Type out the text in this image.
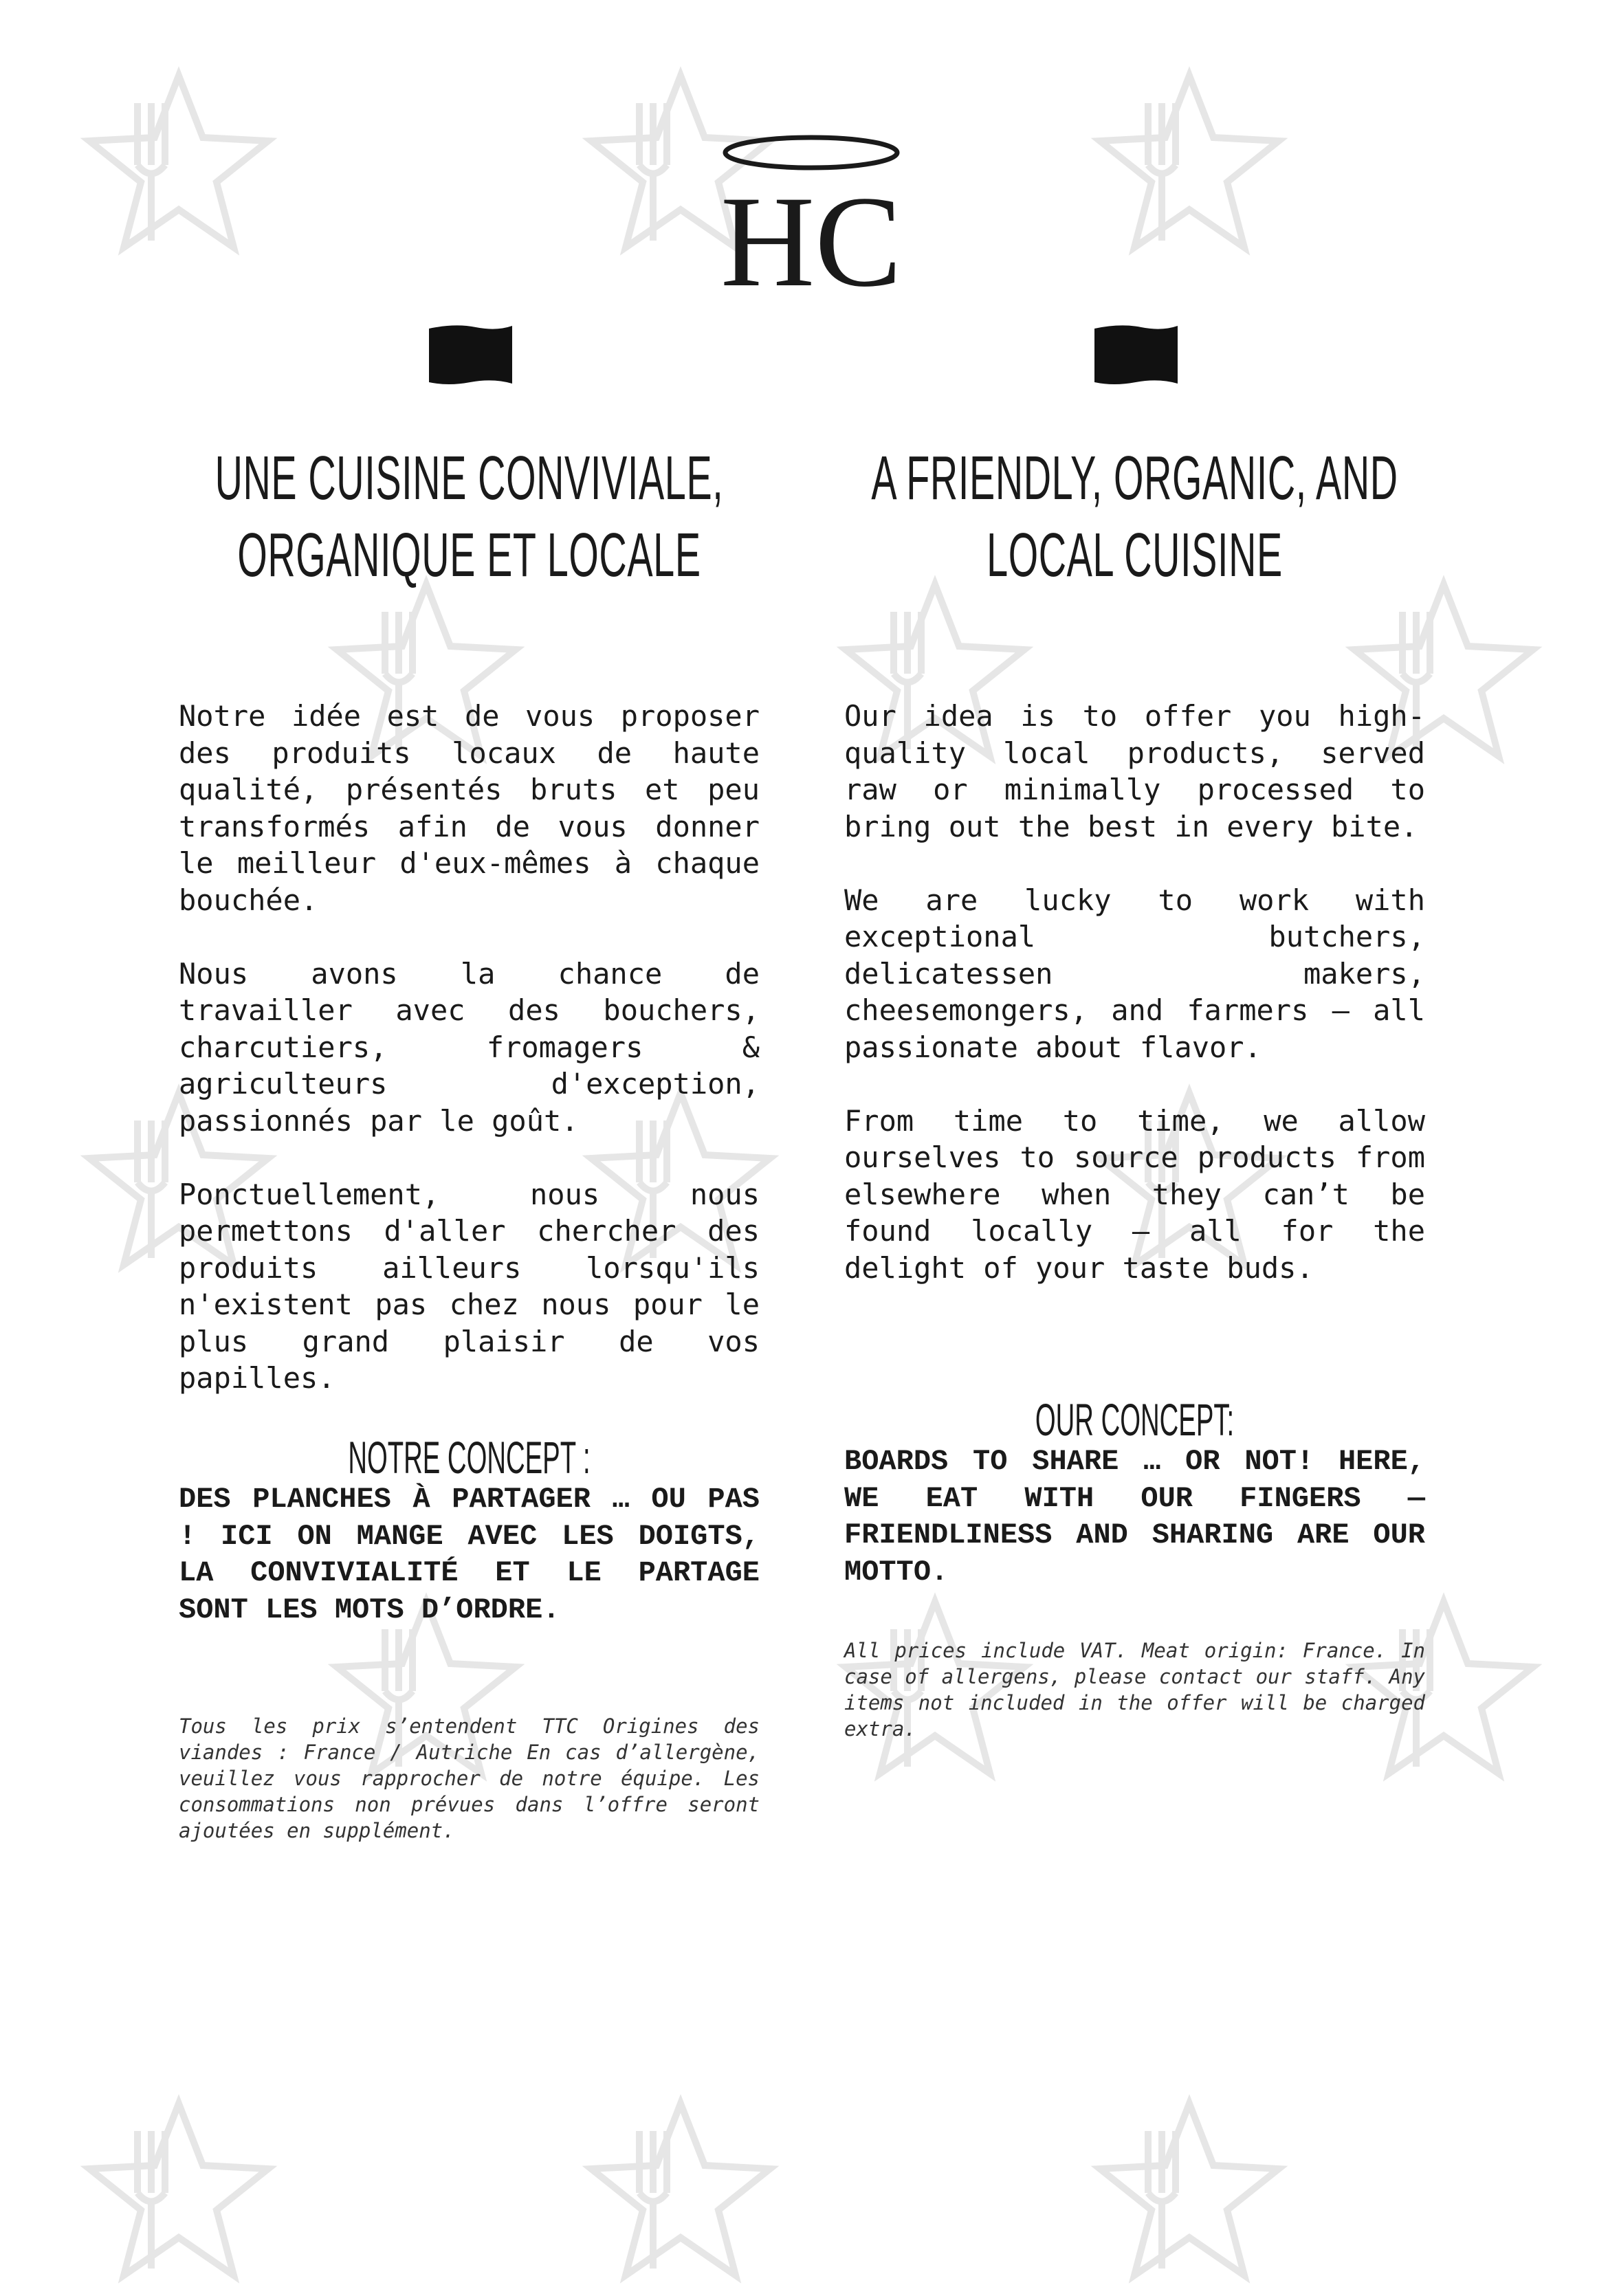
HC
UNE CUISINE CONVIVIALE,
ORGANIQUE ET LOCALE

Notre idée est de vous proposer des produits locaux de haute qualité, présentés bruts et peu transformés afin de vous donner le meilleur d'eux-mêmes à chaque bouchée.

Nous avons la chance de travailler avec des bouchers, charcutiers, fromagers & agriculteurs d'exception, passionnés par le goût.

Ponctuellement, nous nous permettons d'aller chercher des produits ailleurs lorsqu'ils n'existent pas chez nous pour le plus grand plaisir de vos papilles.

NOTRE CONCEPT :

DES PLANCHES À PARTAGER … OU PAS ! ICI ON MANGE AVEC LES DOIGTS, LA CONVIVIALITÉ ET LE PARTAGE SONT LES MOTS D’ORDRE.

Tous les prix s’entendent TTC Origines des viandes : France / Autriche En cas d’allergène, veuillez vous rapprocher de notre équipe. Les consommations non prévues dans l’offre seront ajoutées en supplément.
A FRIENDLY, ORGANIC, AND
LOCAL CUISINE

Our idea is to offer you high-quality local products, served raw or minimally processed to bring out the best in every bite.

We are lucky to work with exceptional butchers, delicatessen makers, cheesemongers, and farmers — all passionate about flavor.

From time to time, we allow ourselves to source products from elsewhere when they can’t be found locally — all for the delight of your taste buds.

OUR CONCEPT:

BOARDS TO SHARE … OR NOT! HERE, WE EAT WITH OUR FINGERS — FRIENDLINESS AND SHARING ARE OUR MOTTO.

All prices include VAT. Meat origin: France. In case of allergens, please contact our staff. Any items not included in the offer will be charged extra.
